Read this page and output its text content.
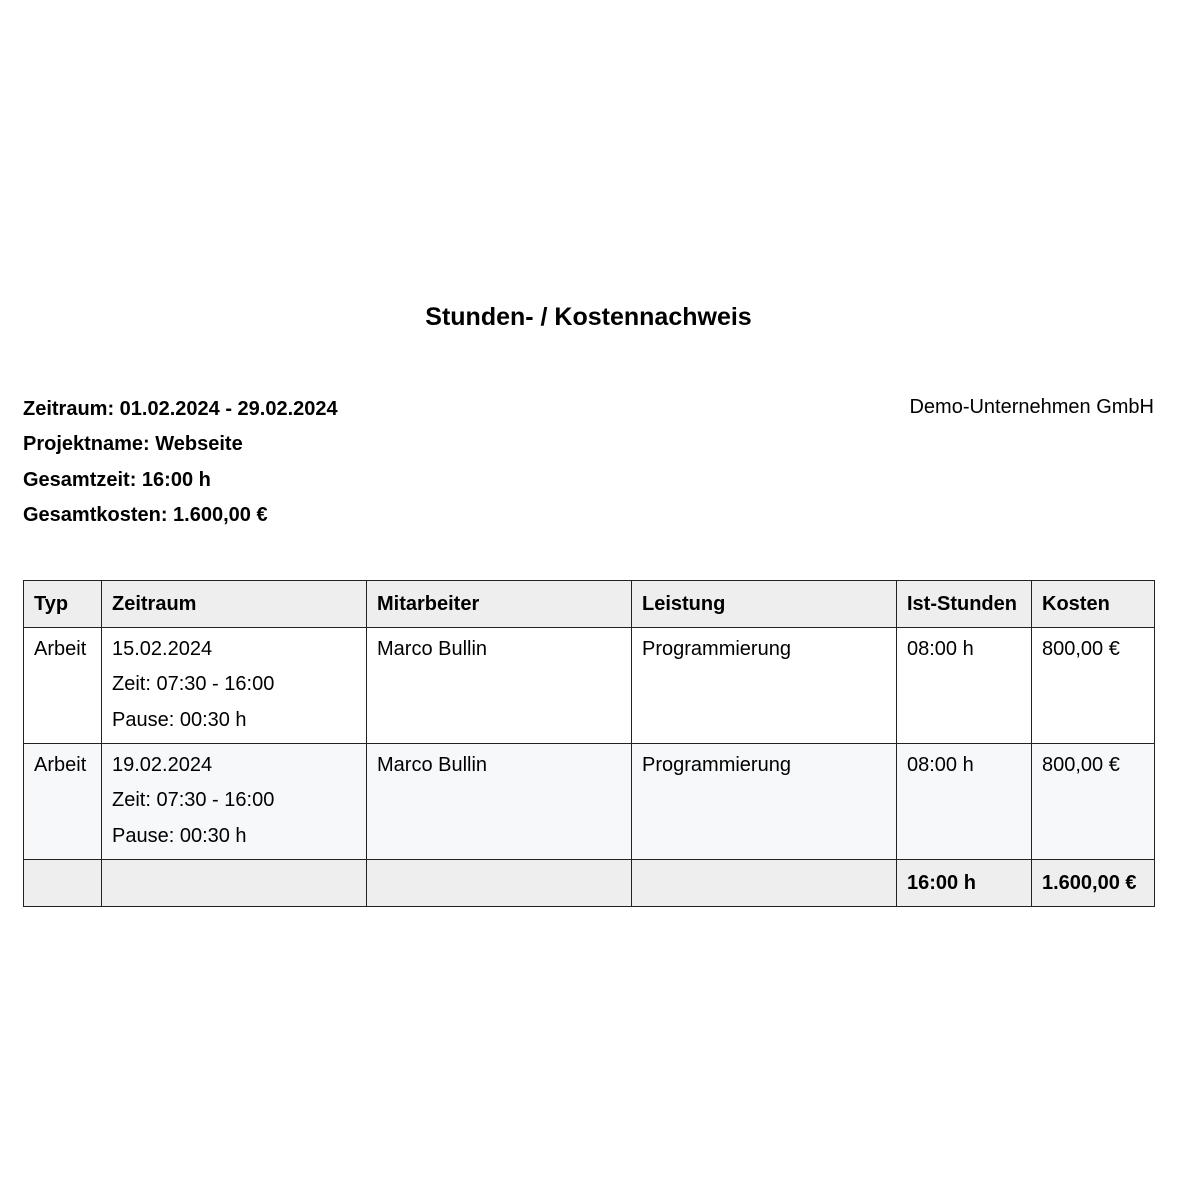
Stunden- / Kostennachweis
Zeitraum: 01.02.2024 - 29.02.2024
Projektname: Webseite
Gesamtzeit: 16:00 h
Gesamtkosten: 1.600,00 €
Demo-Unternehmen GmbH
Typ	Zeitraum	Mitarbeiter	Leistung	Ist-Stunden	Kosten
Arbeit	15.02.2024
Zeit: 07:30 - 16:00
Pause: 00:30 h	Marco Bullin	Programmierung	08:00 h	800,00 €
Arbeit	19.02.2024
Zeit: 07:30 - 16:00
Pause: 00:30 h	Marco Bullin	Programmierung	08:00 h	800,00 €
				16:00 h	1.600,00 €
